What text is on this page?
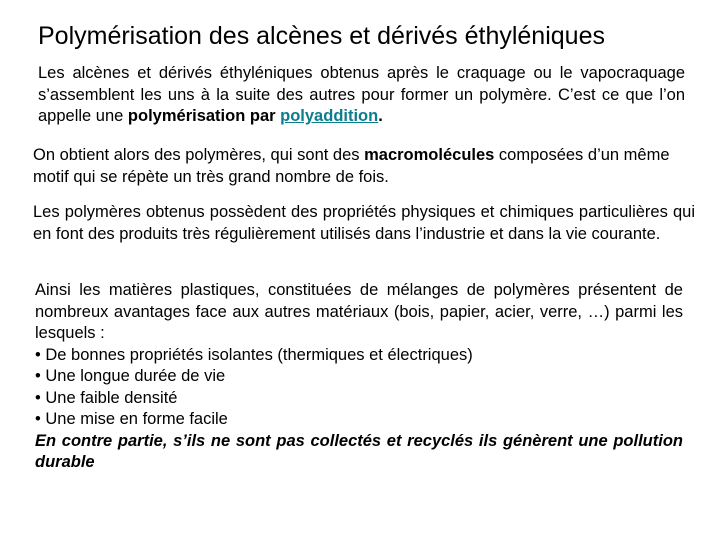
Polymérisation des alcènes et dérivés éthyléniques
Les alcènes et dérivés éthyléniques obtenus après le craquage ou le vapocraquage s’assemblent les uns à la suite des autres pour former un polymère. C’est ce que l’on appelle une polymérisation par polyaddition.
On obtient alors des polymères, qui sont des macromolécules composées d’un même motif qui se répète un très grand nombre de fois.
Les polymères obtenus possèdent des propriétés physiques et chimiques particulières qui en font des produits très régulièrement utilisés dans l’industrie et dans la vie courante.
Ainsi les matières plastiques, constituées de mélanges de polymères présentent de nombreux avantages face aux autres matériaux (bois, papier, acier, verre, …) parmi les lesquels :
• De bonnes propriétés isolantes (thermiques et électriques)
• Une longue durée de vie
• Une faible densité
• Une mise en forme facile
En contre partie, s’ils ne sont pas collectés et recyclés ils génèrent une pollution durable
